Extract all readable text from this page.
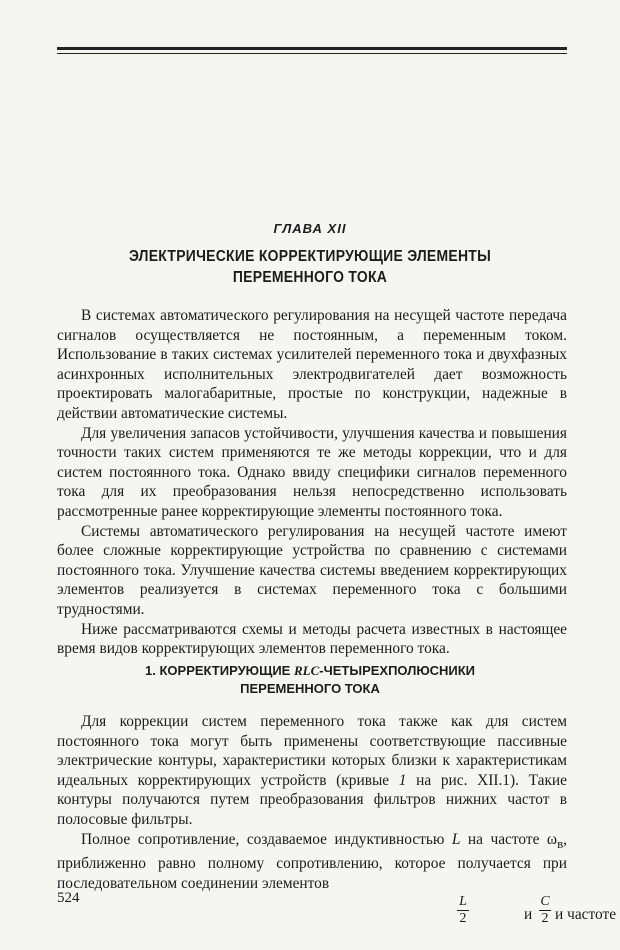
ГЛАВА XII
ЭЛЕКТРИЧЕСКИЕ КОРРЕКТИРУЮЩИЕ ЭЛЕМЕНТЫ
ПЕРЕМЕННОГО ТОКА

В системах автоматического регулирования на несущей частоте передача сигналов осуществляется не постоянным, а переменным током. Использование в таких системах усилителей переменного тока и двухфазных асинхронных исполнительных электродвигателей дает возможность проектировать малогабаритные, простые по конструкции, надежные в действии автоматические системы.

Для увеличения запасов устойчивости, улучшения качества и повышения точности таких систем применяются те же методы коррекции, что и для систем постоянного тока. Однако ввиду специфики сигналов переменного тока для их преобразования нельзя непосредственно использовать рассмотренные ранее корректирующие элементы постоянного тока.

Системы автоматического регулирования на несущей частоте имеют более сложные корректирующие устройства по сравнению с системами постоянного тока. Улучшение качества системы введением корректирующих элементов реализуется в системах переменного тока с большими трудностями.

Ниже рассматриваются схемы и методы расчета известных в настоящее время видов корректирующих элементов переменного тока.

1. КОРРЕКТИРУЮЩИЕ RLC-ЧЕТЫРЕХПОЛЮСНИКИ
ПЕРЕМЕННОГО ТОКА

Для коррекции систем переменного тока также как для систем постоянного тока могут быть применены соответствующие пассивные электрические контуры, характеристики которых близки к характеристикам идеальных корректирующих устройств (кривые 1 на рис. XII.1). Такие контуры получаются путем преобразования фильтров нижних частот в полосовые фильтры.

Полное сопротивление, создаваемое индуктивностью L на частоте $\omega_в$, приближенно равно полному сопротивлению, которое получается при последовательном соединении элементов

$\frac{L}{2}$	и $\frac{C}{2}$ и частоте
524
